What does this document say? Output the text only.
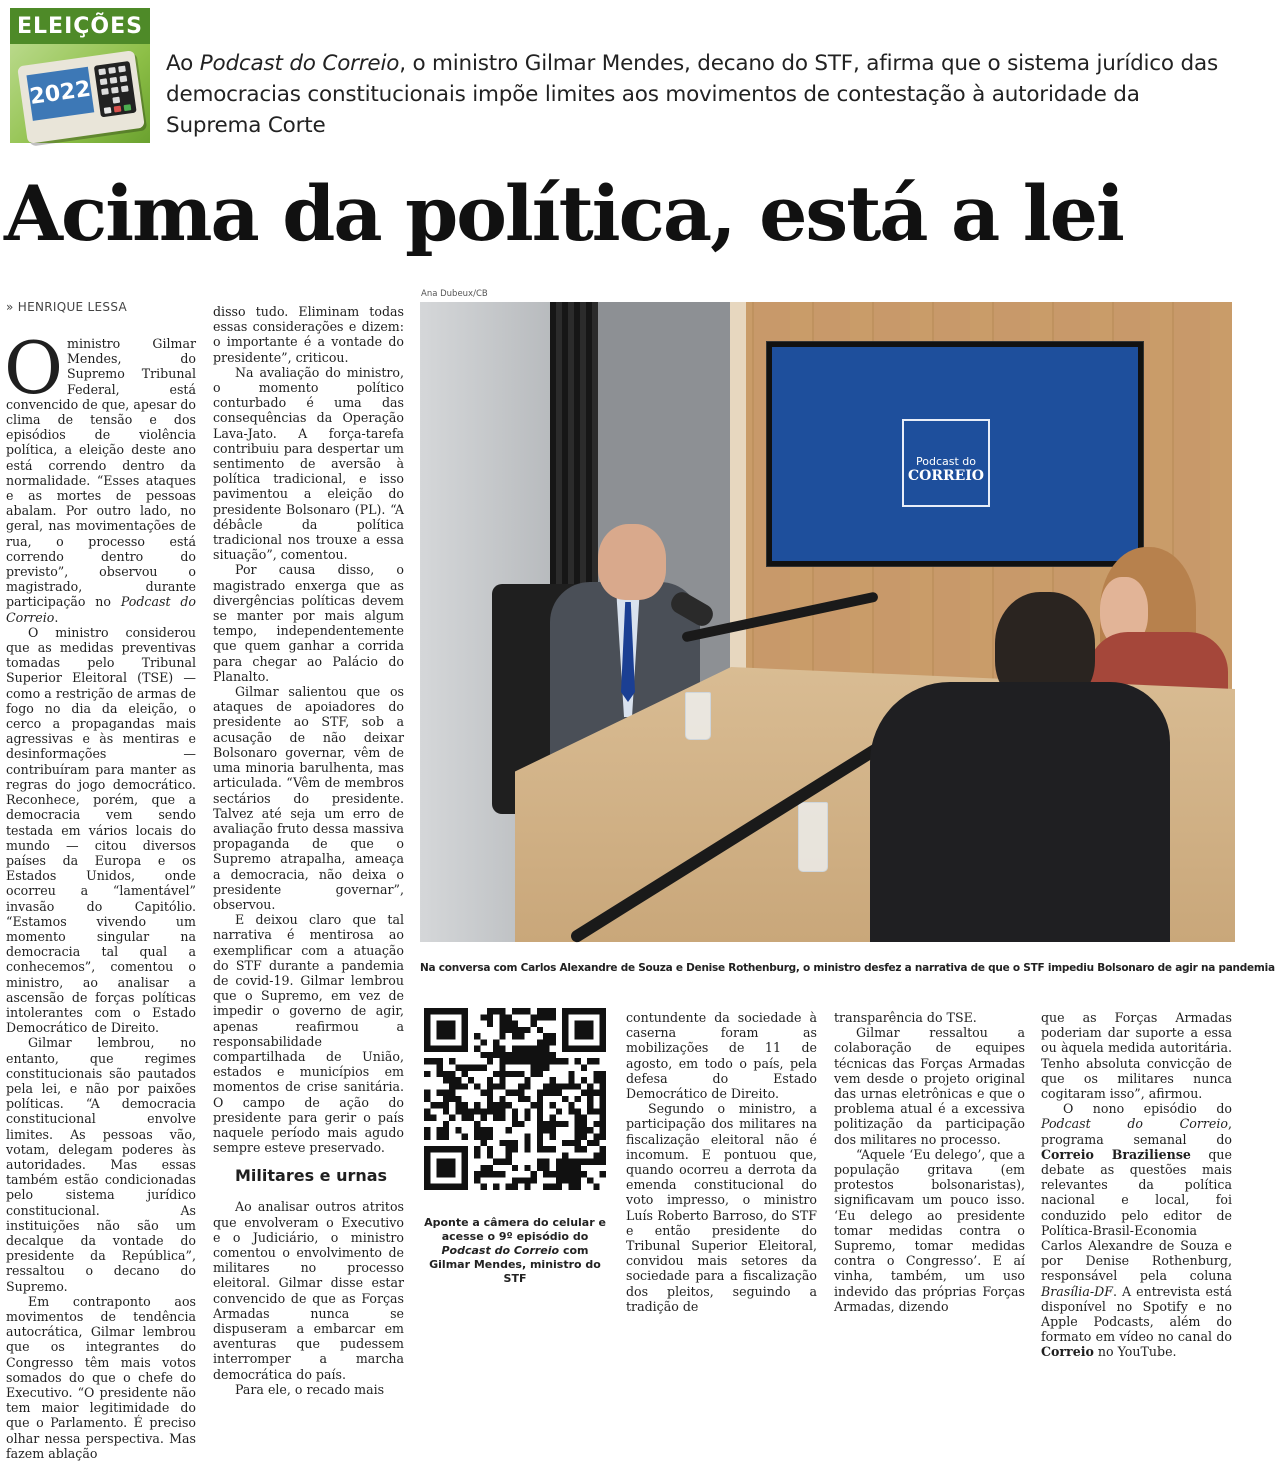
ELEIÇÕES
2022
Ao Podcast do Correio, o ministro Gilmar Mendes, decano do STF, afirma que o sistema jurídico das democracias constitucionais impõe limites aos movimentos de contestação à autoridade da Suprema Corte
Acima da política, está a lei
» HENRIQUE LESSA

O ministro Gilmar Mendes, do Supremo Tribunal Federal, está convencido de que, apesar do clima de tensão e dos episódios de violência política, a eleição deste ano está correndo dentro da normalidade. “Esses ataques e as mortes de pessoas abalam. Por outro lado, no geral, nas movimentações de rua, o processo está correndo dentro do previsto”, observou o magistrado, durante participação no Podcast do Correio.

O ministro considerou que as medidas preventivas tomadas pelo Tribunal Superior Eleitoral (TSE) — como a restrição de armas de fogo no dia da eleição, o cerco a propagandas mais agressivas e às mentiras e desinformações — contribuíram para manter as regras do jogo democrático. Reconhece, porém, que a democracia vem sendo testada em vários locais do mundo — citou diversos países da Europa e os Estados Unidos, onde ocorreu a “lamentável” invasão do Capitólio. “Estamos vivendo um momento singular na democracia tal qual a conhecemos”, comentou o ministro, ao analisar a ascensão de forças políticas intolerantes com o Estado Democrático de Direito.

Gilmar lembrou, no entanto, que regimes constitucionais são pautados pela lei, e não por paixões políticas. “A democracia constitucional envolve limites. As pessoas vão, votam, delegam poderes às autoridades. Mas essas também estão condicionadas pelo sistema jurídico constitucional. As instituições não são um decalque da vontade do presidente da República”, ressaltou o decano do Supremo.

Em contraponto aos movimentos de tendência autocrática, Gilmar lembrou que os integrantes do Congresso têm mais votos somados do que o chefe do Executivo. “O presidente não tem maior legitimidade do que o Parlamento. É preciso olhar nessa perspectiva. Mas fazem ablação

disso tudo. Eliminam todas essas considerações e dizem: o importante é a vontade do presidente”, criticou.

Na avaliação do ministro, o momento político conturbado é uma das consequências da Operação Lava-Jato. A força-tarefa contribuiu para despertar um sentimento de aversão à política tradicional, e isso pavimentou a eleição do presidente Bolsonaro (PL). “A débâcle da política tradicional nos trouxe a essa situação”, comentou.

Por causa disso, o magistrado enxerga que as divergências políticas devem se manter por mais algum tempo, independentemente que quem ganhar a corrida para chegar ao Palácio do Planalto.

Gilmar salientou que os ataques de apoiadores do presidente ao STF, sob a acusação de não deixar Bolsonaro governar, vêm de uma minoria barulhenta, mas articulada. “Vêm de membros sectários do presidente. Talvez até seja um erro de avaliação fruto dessa massiva propaganda de que o Supremo atrapalha, ameaça a democracia, não deixa o presidente governar”, observou.

E deixou claro que tal narrativa é mentirosa ao exemplificar com a atuação do STF durante a pandemia de covid-19. Gilmar lembrou que o Supremo, em vez de impedir o governo de agir, apenas reafirmou a responsabilidade compartilhada de União, estados e municípios em momentos de crise sanitária. O campo de ação do presidente para gerir o país naquele período mais agudo sempre esteve preservado.

Militares e urnas

Ao analisar outros atritos que envolveram o Executivo e o Judiciário, o ministro comentou o envolvimento de militares no processo eleitoral. Gilmar disse estar convencido de que as Forças Armadas nunca se dispuseram a embarcar em aventuras que pudessem interromper a marcha democrática do país.

Para ele, o recado mais

Ana Dubeux/CB
Podcast do
CORREIO
Na conversa com Carlos Alexandre de Souza e Denise Rothenburg, o ministro desfez a narrativa de que o STF impediu Bolsonaro de agir na pandemia
Aponte a câmera do celular e acesse o 9º episódio do Podcast do Correio com Gilmar Mendes, ministro do STF

contundente da sociedade à caserna foram as mobilizações de 11 de agosto, em todo o país, pela defesa do Estado Democrático de Direito.

Segundo o ministro, a participação dos militares na fiscalização eleitoral não é incomum. E pontuou que, quando ocorreu a derrota da emenda constitucional do voto impresso, o ministro Luís Roberto Barroso, do STF e então presidente do Tribunal Superior Eleitoral, convidou mais setores da sociedade para a fiscalização dos pleitos, seguindo a tradição de

transparência do TSE.

Gilmar ressaltou a colaboração de equipes técnicas das Forças Armadas vem desde o projeto original das urnas eletrônicas e que o problema atual é a excessiva politização da participação dos militares no processo.

“Aquele ‘Eu delego’, que a população gritava (em protestos bolsonaristas), significavam um pouco isso. ‘Eu delego ao presidente tomar medidas contra o Supremo, tomar medidas contra o Congresso’. E aí vinha, também, um uso indevido das próprias Forças Armadas, dizendo

que as Forças Armadas poderiam dar suporte a essa ou àquela medida autoritária. Tenho absoluta convicção de que os militares nunca cogitaram isso”, afirmou.

O nono episódio do Podcast do Correio, programa semanal do Correio Braziliense que debate as questões mais relevantes da política nacional e local, foi conduzido pelo editor de Política-Brasil-Economia Carlos Alexandre de Souza e por Denise Rothenburg, responsável pela coluna Brasília-DF. A entrevista está disponível no Spotify e no Apple Podcasts, além do formato em vídeo no canal do Correio no YouTube.
